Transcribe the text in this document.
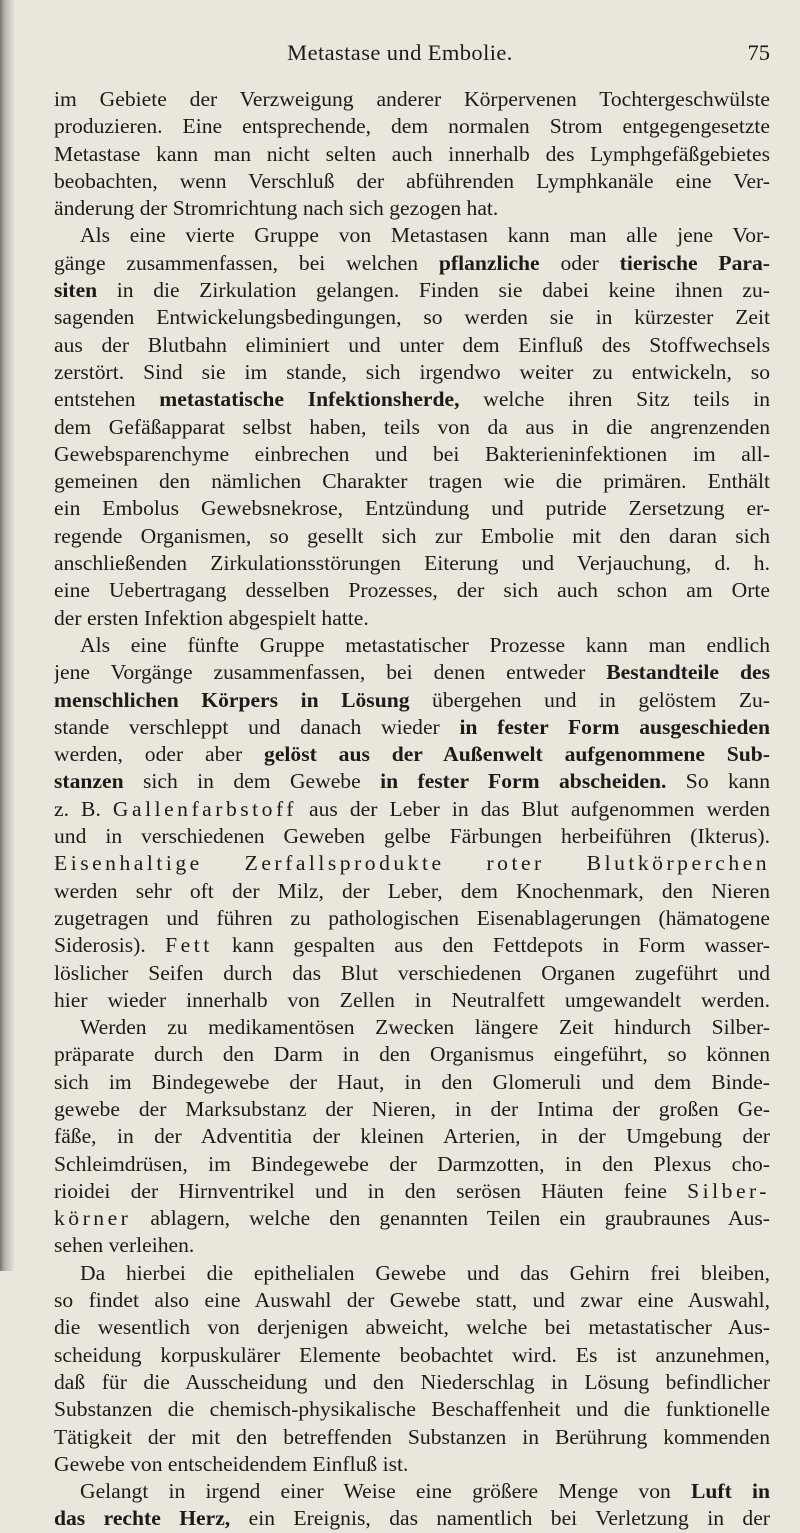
Metastase und Embolie.	75
im Gebiete der Verzweigung anderer Körpervenen Tochtergeschwülste
produzieren. Eine entsprechende, dem normalen Strom entgegengesetzte
Metastase kann man nicht selten auch innerhalb des Lymphgefäßgebietes
beobachten, wenn Verschluß der abführenden Lymphkanäle eine Ver-
änderung der Stromrichtung nach sich gezogen hat.
Als eine vierte Gruppe von Metastasen kann man alle jene Vor-
gänge zusammenfassen, bei welchen pflanzliche oder tierische Para-
siten in die Zirkulation gelangen. Finden sie dabei keine ihnen zu-
sagenden Entwickelungsbedingungen, so werden sie in kürzester Zeit
aus der Blutbahn eliminiert und unter dem Einfluß des Stoffwechsels
zerstört. Sind sie im stande, sich irgendwo weiter zu entwickeln, so
entstehen metastatische Infektionsherde, welche ihren Sitz teils in
dem Gefäßapparat selbst haben, teils von da aus in die angrenzenden
Gewebsparenchyme einbrechen und bei Bakterieninfektionen im all-
gemeinen den nämlichen Charakter tragen wie die primären. Enthält
ein Embolus Gewebsnekrose, Entzündung und putride Zersetzung er-
regende Organismen, so gesellt sich zur Embolie mit den daran sich
anschließenden Zirkulationsstörungen Eiterung und Verjauchung, d. h.
eine Uebertragang desselben Prozesses, der sich auch schon am Orte
der ersten Infektion abgespielt hatte.
Als eine fünfte Gruppe metastatischer Prozesse kann man endlich
jene Vorgänge zusammenfassen, bei denen entweder Bestandteile des
menschlichen Körpers in Lösung übergehen und in gelöstem Zu-
stande verschleppt und danach wieder in fester Form ausgeschieden
werden, oder aber gelöst aus der Außenwelt aufgenommene Sub-
stanzen sich in dem Gewebe in fester Form abscheiden. So kann
z. B. Gallenfarbstoff aus der Leber in das Blut aufgenommen werden
und in verschiedenen Geweben gelbe Färbungen herbeiführen (Ikterus).
Eisenhaltige Zerfallsprodukte roter Blutkörperchen
werden sehr oft der Milz, der Leber, dem Knochenmark, den Nieren
zugetragen und führen zu pathologischen Eisenablagerungen (hämatogene
Siderosis). Fett kann gespalten aus den Fettdepots in Form wasser-
löslicher Seifen durch das Blut verschiedenen Organen zugeführt und
hier wieder innerhalb von Zellen in Neutralfett umgewandelt werden.
Werden zu medikamentösen Zwecken längere Zeit hindurch Silber-
präparate durch den Darm in den Organismus eingeführt, so können
sich im Bindegewebe der Haut, in den Glomeruli und dem Binde-
gewebe der Marksubstanz der Nieren, in der Intima der großen Ge-
fäße, in der Adventitia der kleinen Arterien, in der Umgebung der
Schleimdrüsen, im Bindegewebe der Darmzotten, in den Plexus cho-
rioidei der Hirnventrikel und in den serösen Häuten feine Silber-
körner ablagern, welche den genannten Teilen ein graubraunes Aus-
sehen verleihen.
Da hierbei die epithelialen Gewebe und das Gehirn frei bleiben,
so findet also eine Auswahl der Gewebe statt, und zwar eine Auswahl,
die wesentlich von derjenigen abweicht, welche bei metastatischer Aus-
scheidung korpuskulärer Elemente beobachtet wird. Es ist anzunehmen,
daß für die Ausscheidung und den Niederschlag in Lösung befindlicher
Substanzen die chemisch-physikalische Beschaffenheit und die funktionelle
Tätigkeit der mit den betreffenden Substanzen in Berührung kommenden
Gewebe von entscheidendem Einfluß ist.
Gelangt in irgend einer Weise eine größere Menge von Luft in
das rechte Herz, ein Ereignis, das namentlich bei Verletzung in der
